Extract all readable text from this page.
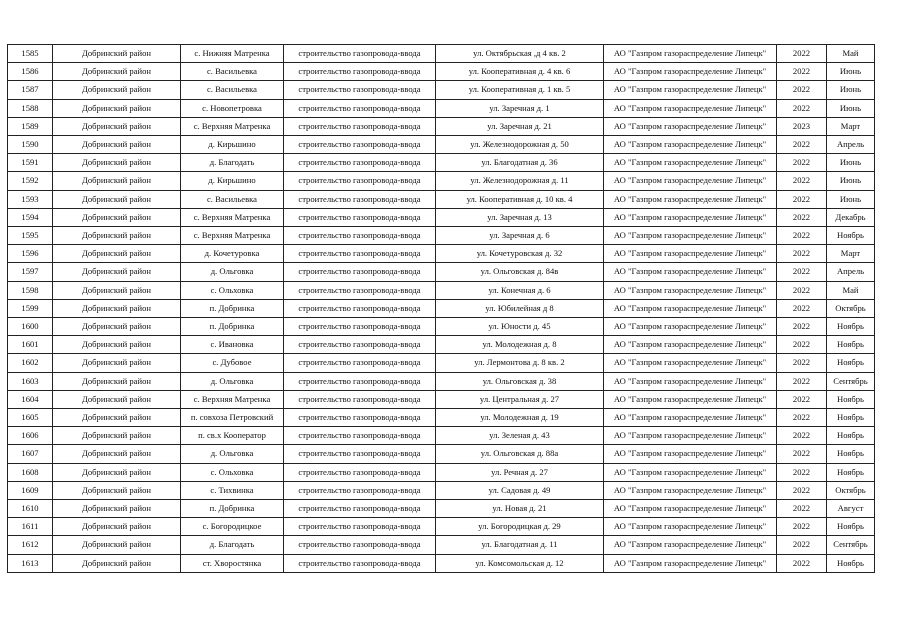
1585	Добринский район	с. Нижняя Матренка	строительство газопровода-ввода	ул. Октябрьская ,д 4 кв. 2	АО "Газпром газораспределение Липецк"	2022	Май
1586	Добринский район	с. Васильевка	строительство газопровода-ввода	ул. Кооперативная д. 4 кв. 6	АО "Газпром газораспределение Липецк"	2022	Июнь
1587	Добринский район	с. Васильевка	строительство газопровода-ввода	ул. Кооперативная д. 1 кв. 5	АО "Газпром газораспределение Липецк"	2022	Июнь
1588	Добринский район	с. Новопетровка	строительство газопровода-ввода	ул. Заречная д. 1	АО "Газпром газораспределение Липецк"	2022	Июнь
1589	Добринский район	с. Верхняя Матренка	строительство газопровода-ввода	ул. Заречная д. 21	АО "Газпром газораспределение Липецк"	2023	Март
1590	Добринский район	д. Кирьшино	строительство газопровода-ввода	ул. Железнодорожная д. 50	АО "Газпром газораспределение Липецк"	2022	Апрель
1591	Добринский район	д. Благодать	строительство газопровода-ввода	ул. Благодатная д. 36	АО "Газпром газораспределение Липецк"	2022	Июнь
1592	Добринский район	д. Кирьшино	строительство газопровода-ввода	ул. Железнодорожная д. 11	АО "Газпром газораспределение Липецк"	2022	Июнь
1593	Добринский район	с. Васильевка	строительство газопровода-ввода	ул. Кооперативная д. 10 кв. 4	АО "Газпром газораспределение Липецк"	2022	Июнь
1594	Добринский район	с. Верхняя Матренка	строительство газопровода-ввода	ул. Заречная д. 13	АО "Газпром газораспределение Липецк"	2022	Декабрь
1595	Добринский район	с. Верхняя Матренка	строительство газопровода-ввода	ул. Заречная д. 6	АО "Газпром газораспределение Липецк"	2022	Ноябрь
1596	Добринский район	д. Кочетуровка	строительство газопровода-ввода	ул. Кочетуровская д. 32	АО "Газпром газораспределение Липецк"	2022	Март
1597	Добринский район	д. Ольговка	строительство газопровода-ввода	ул. Ольговская д. 84в	АО "Газпром газораспределение Липецк"	2022	Апрель
1598	Добринский район	с. Ольховка	строительство газопровода-ввода	ул. Конечная д. 6	АО "Газпром газораспределение Липецк"	2022	Май
1599	Добринский район	п. Добринка	строительство газопровода-ввода	ул. Юбилейная д 8	АО "Газпром газораспределение Липецк"	2022	Октябрь
1600	Добринский район	п. Добринка	строительство газопровода-ввода	ул. Юности д. 45	АО "Газпром газораспределение Липецк"	2022	Ноябрь
1601	Добринский район	с. Ивановка	строительство газопровода-ввода	ул. Молодежная д. 8	АО "Газпром газораспределение Липецк"	2022	Ноябрь
1602	Добринский район	с. Дубовое	строительство газопровода-ввода	ул. Лермонтова д. 8 кв. 2	АО "Газпром газораспределение Липецк"	2022	Ноябрь
1603	Добринский район	д. Ольговка	строительство газопровода-ввода	ул. Ольговская д. 38	АО "Газпром газораспределение Липецк"	2022	Сентябрь
1604	Добринский район	с. Верхняя Матренка	строительство газопровода-ввода	ул. Центральная д. 27	АО "Газпром газораспределение Липецк"	2022	Ноябрь
1605	Добринский район	п. совхоза Петровский	строительство газопровода-ввода	ул. Молодежная д. 19	АО "Газпром газораспределение Липецк"	2022	Ноябрь
1606	Добринский район	п. св.х Кооператор	строительство газопровода-ввода	ул. Зеленая д. 43	АО "Газпром газораспределение Липецк"	2022	Ноябрь
1607	Добринский район	д. Ольговка	строительство газопровода-ввода	ул. Ольговская д. 88а	АО "Газпром газораспределение Липецк"	2022	Ноябрь
1608	Добринский район	с. Ольховка	строительство газопровода-ввода	ул. Речная д. 27	АО "Газпром газораспределение Липецк"	2022	Ноябрь
1609	Добринский район	с. Тихвинка	строительство газопровода-ввода	ул. Садовая д. 49	АО "Газпром газораспределение Липецк"	2022	Октябрь
1610	Добринский район	п. Добринка	строительство газопровода-ввода	ул. Новая д. 21	АО "Газпром газораспределение Липецк"	2022	Август
1611	Добринский район	с. Богородицкое	строительство газопровода-ввода	ул. Богородицкая д. 29	АО "Газпром газораспределение Липецк"	2022	Ноябрь
1612	Добринский район	д. Благодать	строительство газопровода-ввода	ул. Благодатная д. 11	АО "Газпром газораспределение Липецк"	2022	Сентябрь
1613	Добринский район	ст. Хворостянка	строительство газопровода-ввода	ул. Комсомольская д. 12	АО "Газпром газораспределение Липецк"	2022	Ноябрь
